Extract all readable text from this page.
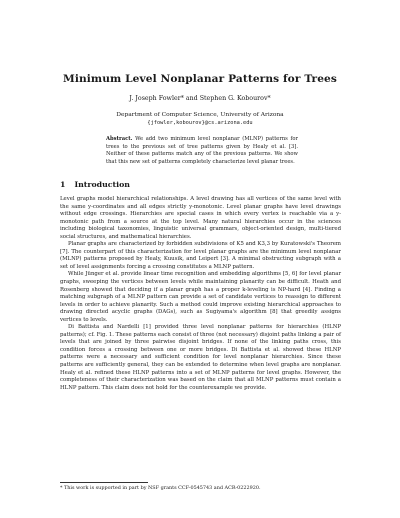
Minimum Level Nonplanar Patterns for Trees
J. Joseph Fowler* and Stephen G. Kobourov*
Department of Computer Science, University of Arizona
{jfowler,kobourov}@cs.arizona.edu
Abstract. We add two minimum level nonplanar (MLNP) patterns for trees to the previous set of tree patterns given by Healy et al. [3]. Neither of these patterns match any of the previous patterns. We show that this new set of patterns completely characterize level planar trees.
1 Introduction

Level graphs model hierarchical relationships. A level drawing has all vertices of the same level with the same y-coordinates and all edges strictly y-monotonic. Level planar graphs have level drawings without edge crossings. Hierarchies are special cases in which every vertex is reachable via a y-monotonic path from a source at the top level. Many natural hierarchies occur in the sciences including biological taxonomies, linguistic universal grammars, object-oriented design, multi-tiered social structures, and mathematical hierarchies.

Planar graphs are characterized by forbidden subdivisions of K5 and K3,3 by Kuratowski's Theorem [7]. The counterpart of this characterization for level planar graphs are the minimum level nonplanar (MLNP) patterns proposed by Healy, Kuusik, and Leipert [3]. A minimal obstructing subgraph with a set of level assignments forcing a crossing constitutes a MLNP pattern.

While Jünger et al. provide linear time recognition and embedding algorithms [5, 6] for level planar graphs, sweeping the vertices between levels while maintaining planarity can be difficult. Heath and Rosenberg showed that deciding if a planar graph has a proper k-leveling is NP-hard [4]. Finding a matching subgraph of a MLNP pattern can provide a set of candidate vertices to reassign to different levels in order to achieve planarity. Such a method could improve existing hierarchical approaches to drawing directed acyclic graphs (DAGs), such as Sugiyama's algorithm [8] that greedily assigns vertices to levels.

Di Battista and Nardelli [1] provided three level nonplanar patterns for hierarchies (HLNP patterns); cf. Fig. 1. These patterns each consist of three (not necessary) disjoint paths linking a pair of levels that are joined by three pairwise disjoint bridges. If none of the linking paths cross, this condition forces a crossing between one or more bridges. Di Battista et al. showed these HLNP patterns were a necessary and sufficient condition for level nonplanar hierarchies. Since these patterns are sufficiently general, they can be extended to determine when level graphs are nonplanar. Healy et al. refined these HLNP patterns into a set of MLNP patterns for level graphs. However, the completeness of their characterization was based on the claim that all MLNP patterns must contain a HLNP pattern. This claim does not hold for the counterexample we provide.

* This work is supported in part by NSF grants CCF-0545743 and ACR-0222920.
